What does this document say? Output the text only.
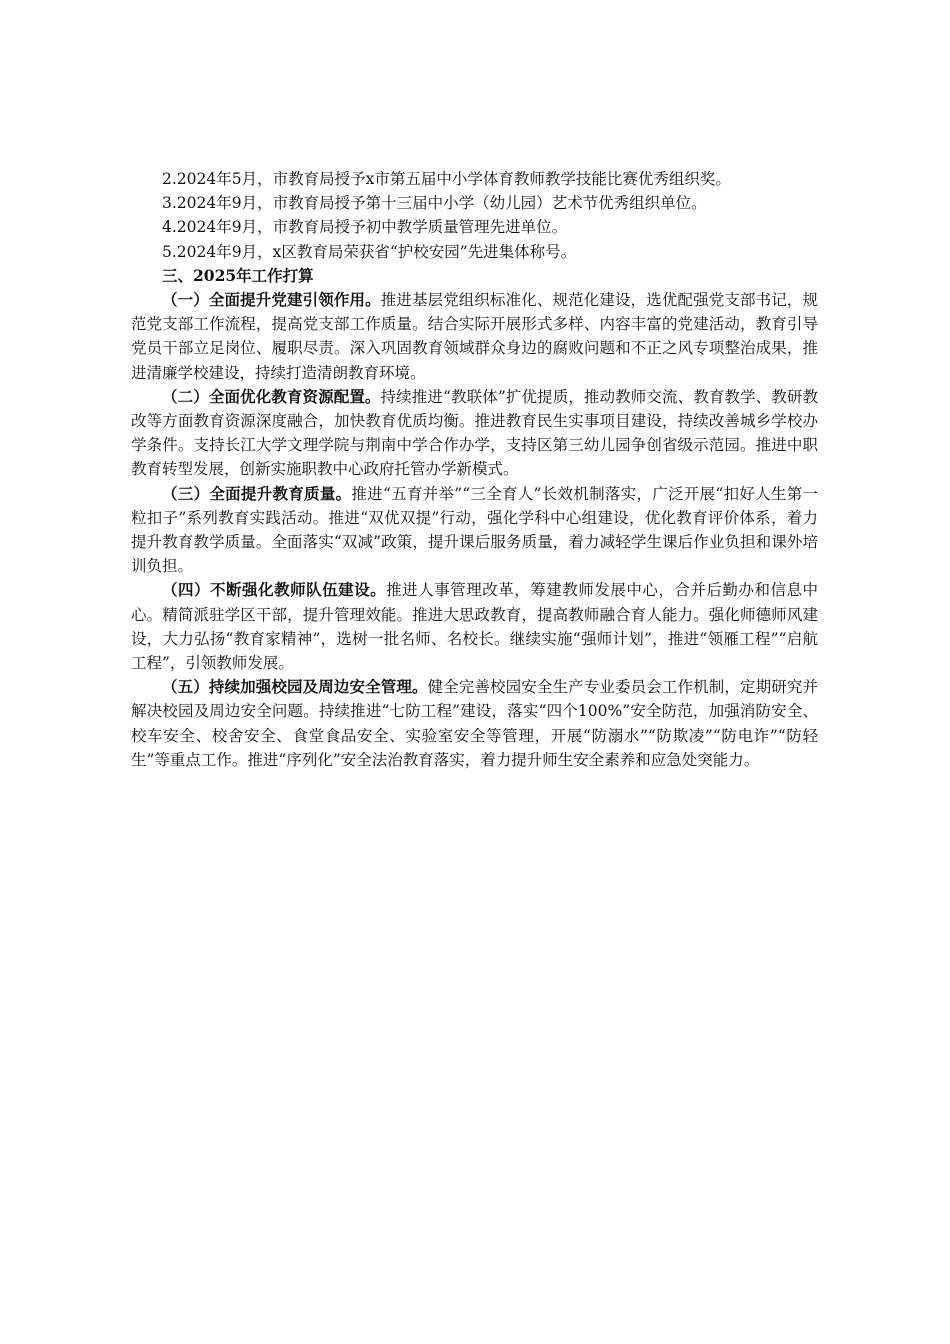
2.2024年5月，市教育局授予x市第五届中小学体育教师教学技能比赛优秀组织奖。

3.2024年9月，市教育局授予第十三届中小学（幼儿园）艺术节优秀组织单位。

4.2024年9月，市教育局授予初中教学质量管理先进单位。

5.2024年9月，x区教育局荣获省“护校安园”先进集体称号。

三、2025年工作打算

（一）全面提升党建引领作用。推进基层党组织标准化、规范化建设，选优配强党支部书记，规范党支部工作流程，提高党支部工作质量。结合实际开展形式多样、内容丰富的党建活动，教育引导党员干部立足岗位、履职尽责。深入巩固教育领域群众身边的腐败问题和不正之风专项整治成果，推进清廉学校建设，持续打造清朗教育环境。

（二）全面优化教育资源配置。持续推进“教联体”扩优提质，推动教师交流、教育教学、教研教改等方面教育资源深度融合，加快教育优质均衡。推进教育民生实事项目建设，持续改善城乡学校办学条件。支持长江大学文理学院与荆南中学合作办学，支持区第三幼儿园争创省级示范园。推进中职教育转型发展，创新实施职教中心政府托管办学新模式。

（三）全面提升教育质量。推进“五育并举”“三全育人”长效机制落实，广泛开展“扣好人生第一粒扣子”系列教育实践活动。推进“双优双提”行动，强化学科中心组建设，优化教育评价体系，着力提升教育教学质量。全面落实“双减”政策，提升课后服务质量，着力减轻学生课后作业负担和课外培训负担。

（四）不断强化教师队伍建设。推进人事管理改革，筹建教师发展中心，合并后勤办和信息中心。精简派驻学区干部，提升管理效能。推进大思政教育，提高教师融合育人能力。强化师德师风建设，大力弘扬“教育家精神”，选树一批名师、名校长。继续实施“强师计划”，推进“领雁工程”“启航工程”，引领教师发展。

（五）持续加强校园及周边安全管理。健全完善校园安全生产专业委员会工作机制，定期研究并解决校园及周边安全问题。持续推进“七防工程”建设，落实“四个100%”安全防范，加强消防安全、校车安全、校舍安全、食堂食品安全、实验室安全等管理，开展“防溺水”“防欺凌”“防电诈”“防轻生”等重点工作。推进“序列化”安全法治教育落实，着力提升师生安全素养和应急处突能力。
